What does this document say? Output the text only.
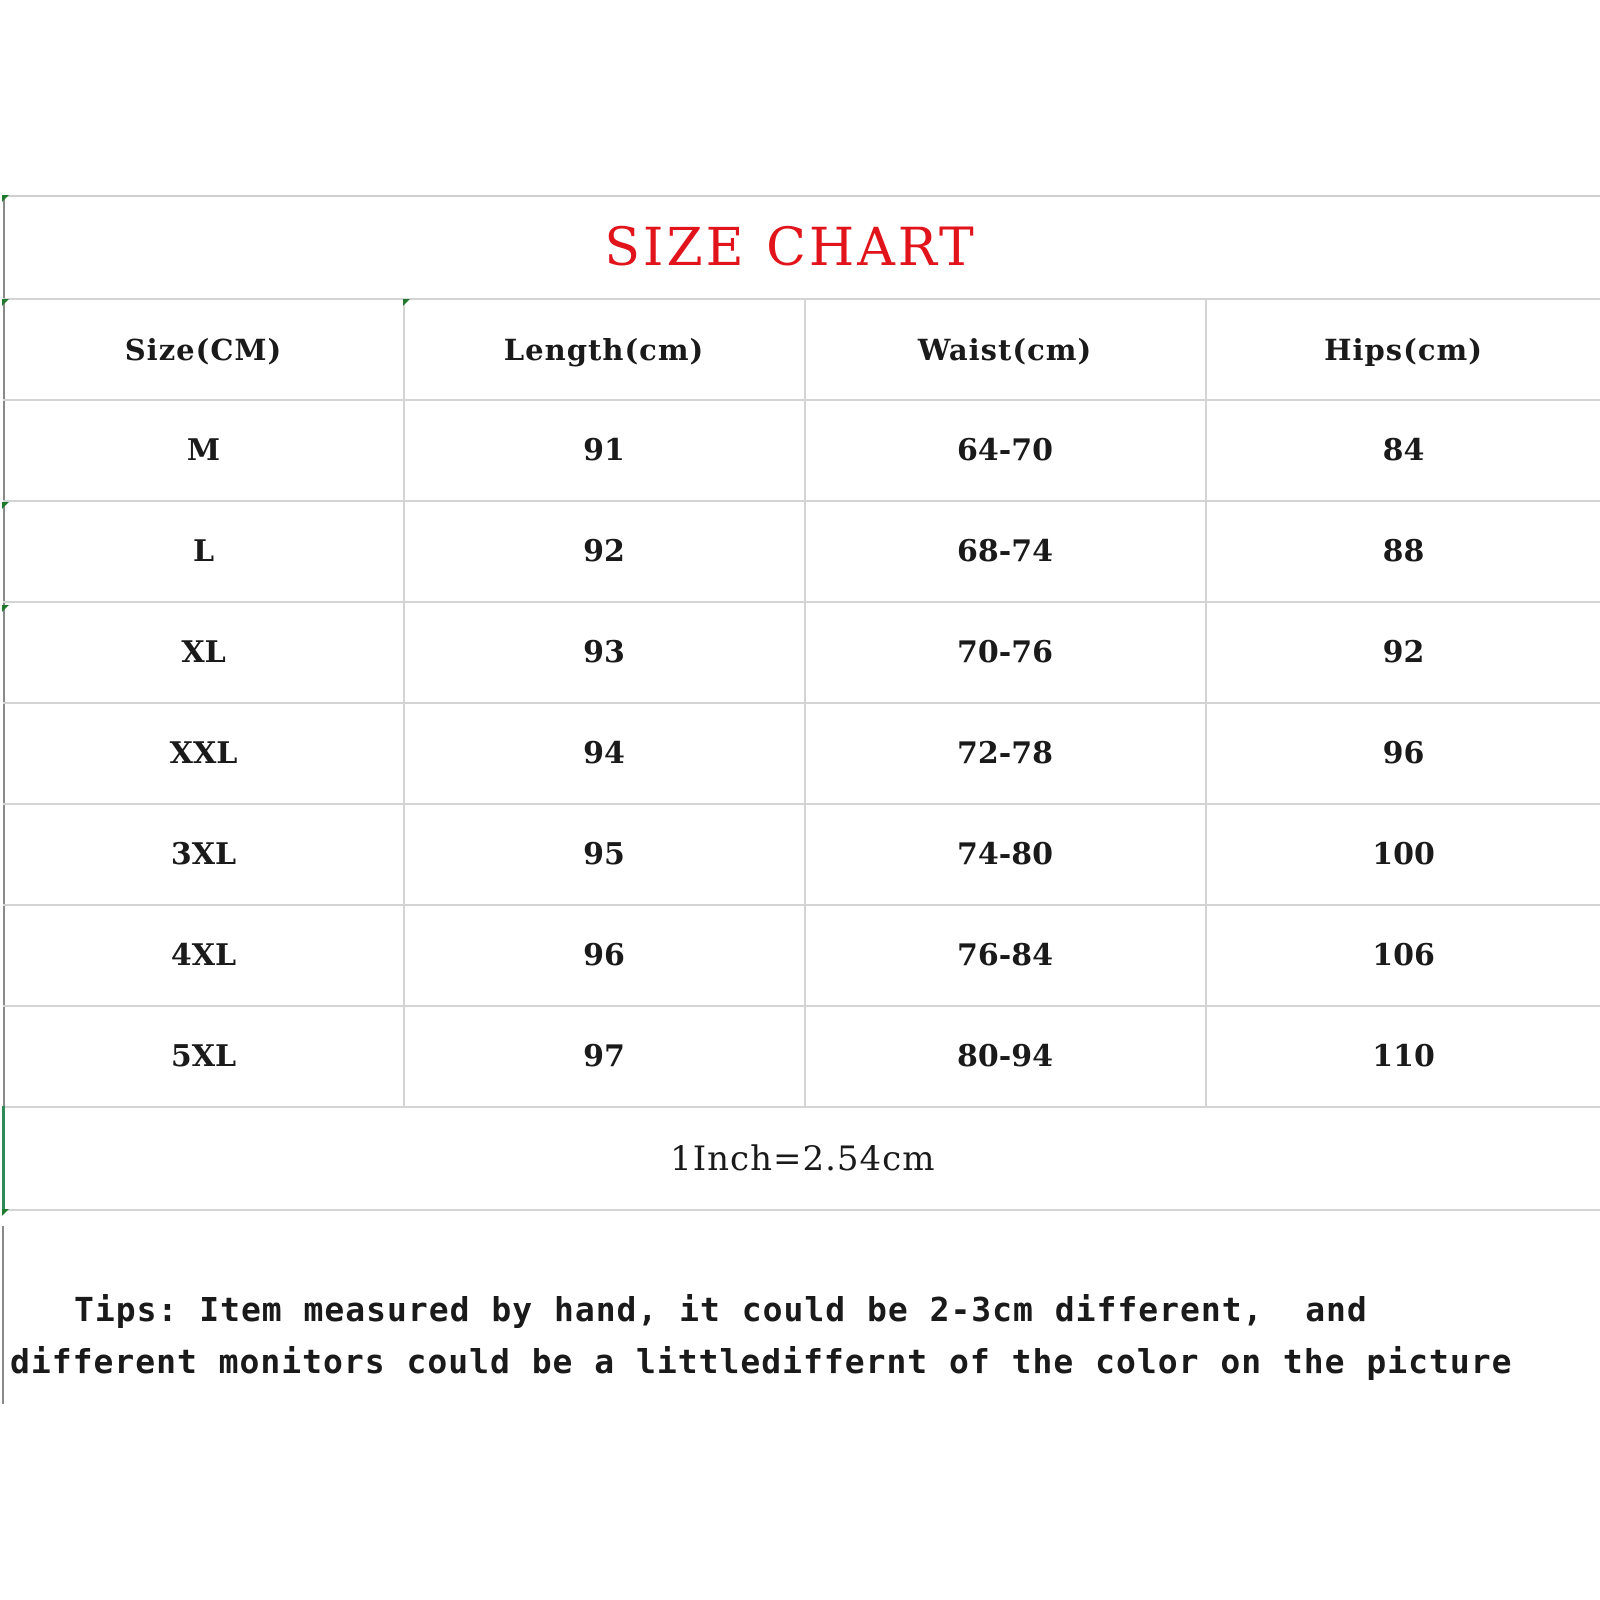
SIZE CHART			
Size(CM)	Length(cm)	Waist(cm)	Hips(cm)
M	91	64-70	84
L	92	68-74	88
XL	93	70-76	92
XXL	94	72-78	96
3XL	95	74-80	100
4XL	96	76-84	106
5XL	97	80-94	110
1Inch=2.54cm			
Tips: Item measured by hand, it could be 2-3cm different,  and
different monitors could be a littlediffernt of the color on the picture
